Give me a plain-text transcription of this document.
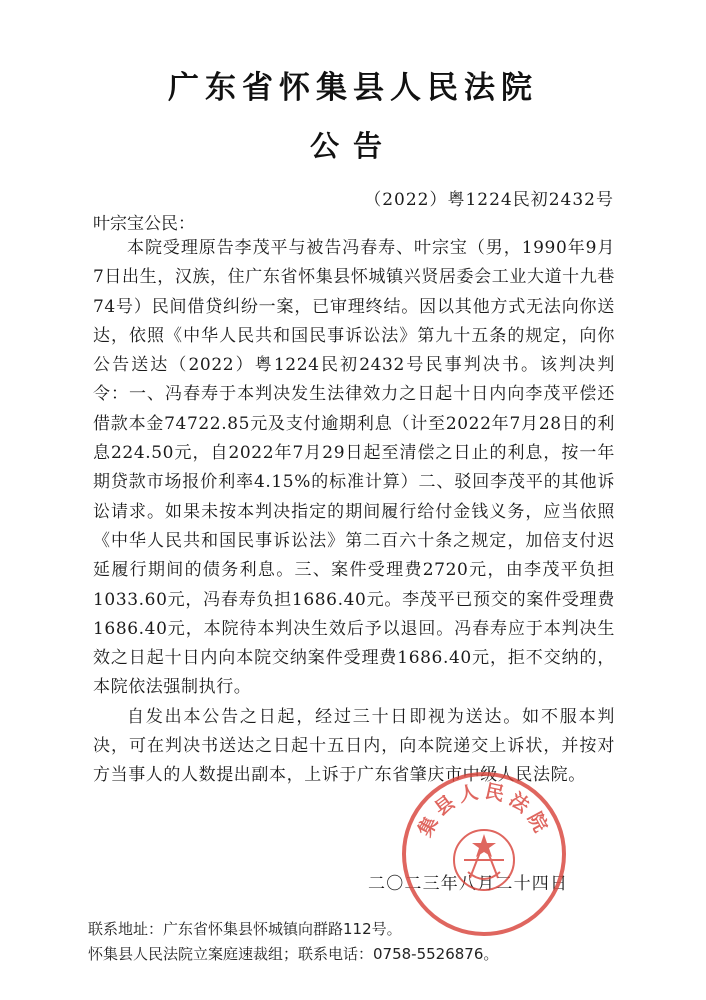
广东省怀集县人民法院
公告
（2022）粤1224民初2432号
叶宗宝公民：

本院受理原告李茂平与被告冯春寿、叶宗宝（男，1990年9月7日出生，汉族，住广东省怀集县怀城镇兴贤居委会工业大道十九巷74号）民间借贷纠纷一案，已审理终结。因以其他方式无法向你送达，依照《中华人民共和国民事诉讼法》第九十五条的规定，向你公告送达（2022）粤1224民初2432号民事判决书。该判决判令：一、冯春寿于本判决发生法律效力之日起十日内向李茂平偿还借款本金74722.85元及支付逾期利息（计至2022年7月28日的利息224.50元，自2022年7月29日起至清偿之日止的利息，按一年期贷款市场报价利率4.15%的标准计算）二、驳回李茂平的其他诉讼请求。如果未按本判决指定的期间履行给付金钱义务，应当依照《中华人民共和国民事诉讼法》第二百六十条之规定，加倍支付迟延履行期间的债务利息。三、案件受理费2720元，由李茂平负担1033.60元，冯春寿负担1686.40元。李茂平已预交的案件受理费1686.40元，本院待本判决生效后予以退回。冯春寿应于本判决生效之日起十日内向本院交纳案件受理费1686.40元，拒不交纳的，本院依法强制执行。

自发出本公告之日起，经过三十日即视为送达。如不服本判决，可在判决书送达之日起十五日内，向本院递交上诉状，并按对方当事人的人数提出副本，上诉于广东省肇庆市中级人民法院。

二〇二三年八月二十四日
联系地址：广东省怀集县怀城镇向群路112号。
怀集县人民法院立案庭速裁组；联系电话：0758-5526876。
集县人民法院
